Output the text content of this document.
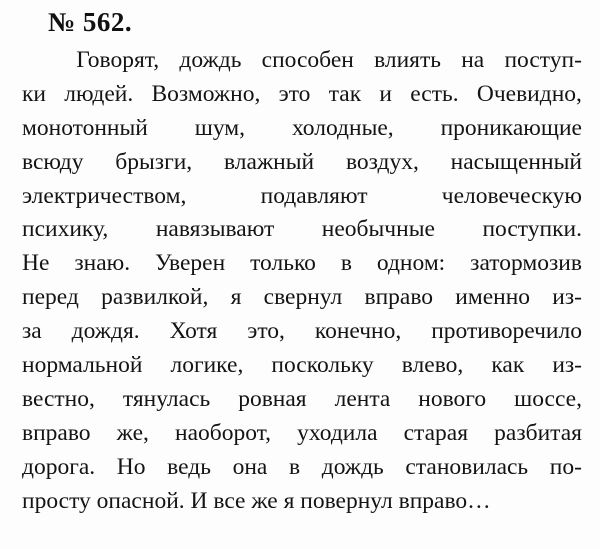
№ 562.

Говорят, дождь способен влиять на поступ-
ки людей. Возможно, это так и есть. Очевидно,
монотонный шум, холодные, проникающие
всюду брызги, влажный воздух, насыщенный
электричеством,	подавляют	человеческую
психику, навязывают необычные поступки.
Не знаю. Уверен только в одном: затормозив
перед развилкой, я свернул вправо именно из-
за дождя. Хотя это, конечно, противоречило
нормальной логике, поскольку влево, как из-
вестно, тянулась ровная лента нового шоссе,
вправо же, наоборот, уходила старая разбитая
дорога. Но ведь она в дождь становилась по-
просту опасной. И все же я повернул вправо…
